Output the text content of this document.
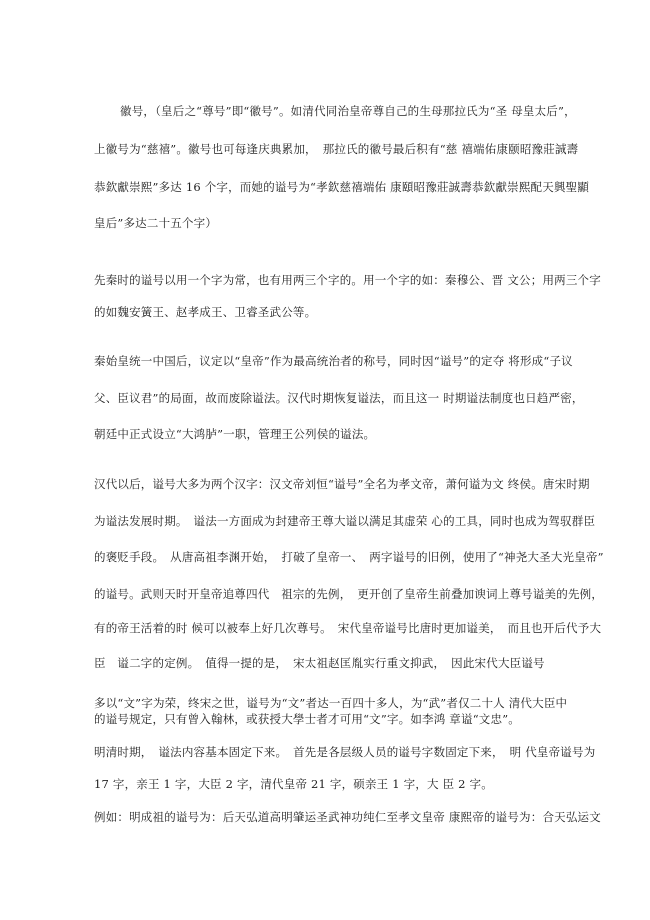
徽号，（皇后之“尊号”即“徽号”。如清代同治皇帝尊自己的生母那拉氏为“圣 母皇太后”，
上徽号为“慈禧”。徽号也可每逢庆典累加，　那拉氏的徽号最后积有“慈 禧端佑康颐昭豫莊誠壽
恭欽獻崇熙”多达 16 个字，而她的谥号为“孝欽慈禧端佑 康頤昭豫莊誠壽恭欽獻崇熙配天興聖顯
皇后”多达二十五个字）
先秦时的谥号以用一个字为常，也有用两三个字的。用一个字的如：秦穆公、晋 文公；用两三个字
的如魏安簧王、赵孝成王、卫睿圣武公等。
秦始皇统一中国后，议定以“皇帝”作为最高统治者的称号，同时因“谥号”的定夺 将形成“子议
父、臣议君”的局面，故而废除谥法。汉代时期恢复谥法，而且这一 时期谥法制度也日趋严密，
朝廷中正式设立“大鸿胪”一职，管理王公列侯的谥法。
汉代以后，谥号大多为两个汉字：汉文帝刘恒“谥号”全名为孝文帝，萧何谥为文 终侯。唐宋时期
为谥法发展时期。　谥法一方面成为封建帝王尊大谥以满足其虚荣 心的工具，同时也成为驾驭群臣
的褒贬手段。　从唐高祖李渊开始，　打破了皇帝一、　两字谥号的旧例，使用了“神尧大圣大光皇帝”
的谥号。武则天时开皇帝追尊四代　祖宗的先例，　更开创了皇帝生前叠加谀词上尊号谥美的先例，
有的帝王活着的时 候可以被奉上好几次尊号。　宋代皇帝谥号比唐时更加谥美，　而且也开后代予大
臣　谥二字的定例。　值得一提的是，　宋太祖赵匡胤实行重文抑武，　因此宋代大臣谥号
多以“文”字为荣，终宋之世，谥号为“文”者达一百四十多人，为“武”者仅二十人 清代大臣中
的谥号规定，只有曾入翰林，或获授大學士者才可用“文”字。如李鸿 章谥“文忠”。
明清时期，　谥法内容基本固定下来。　首先是各层级人员的谥号字数固定下来，　明 代皇帝谥号为
17 字，亲王 1 字，大臣 2 字，清代皇帝 21 字，硕亲王 1 字，大 臣 2 字。
例如：明成祖的谥号为：后天弘道高明肇运圣武神功纯仁至孝文皇帝 康熙帝的谥号为：合天弘运文
